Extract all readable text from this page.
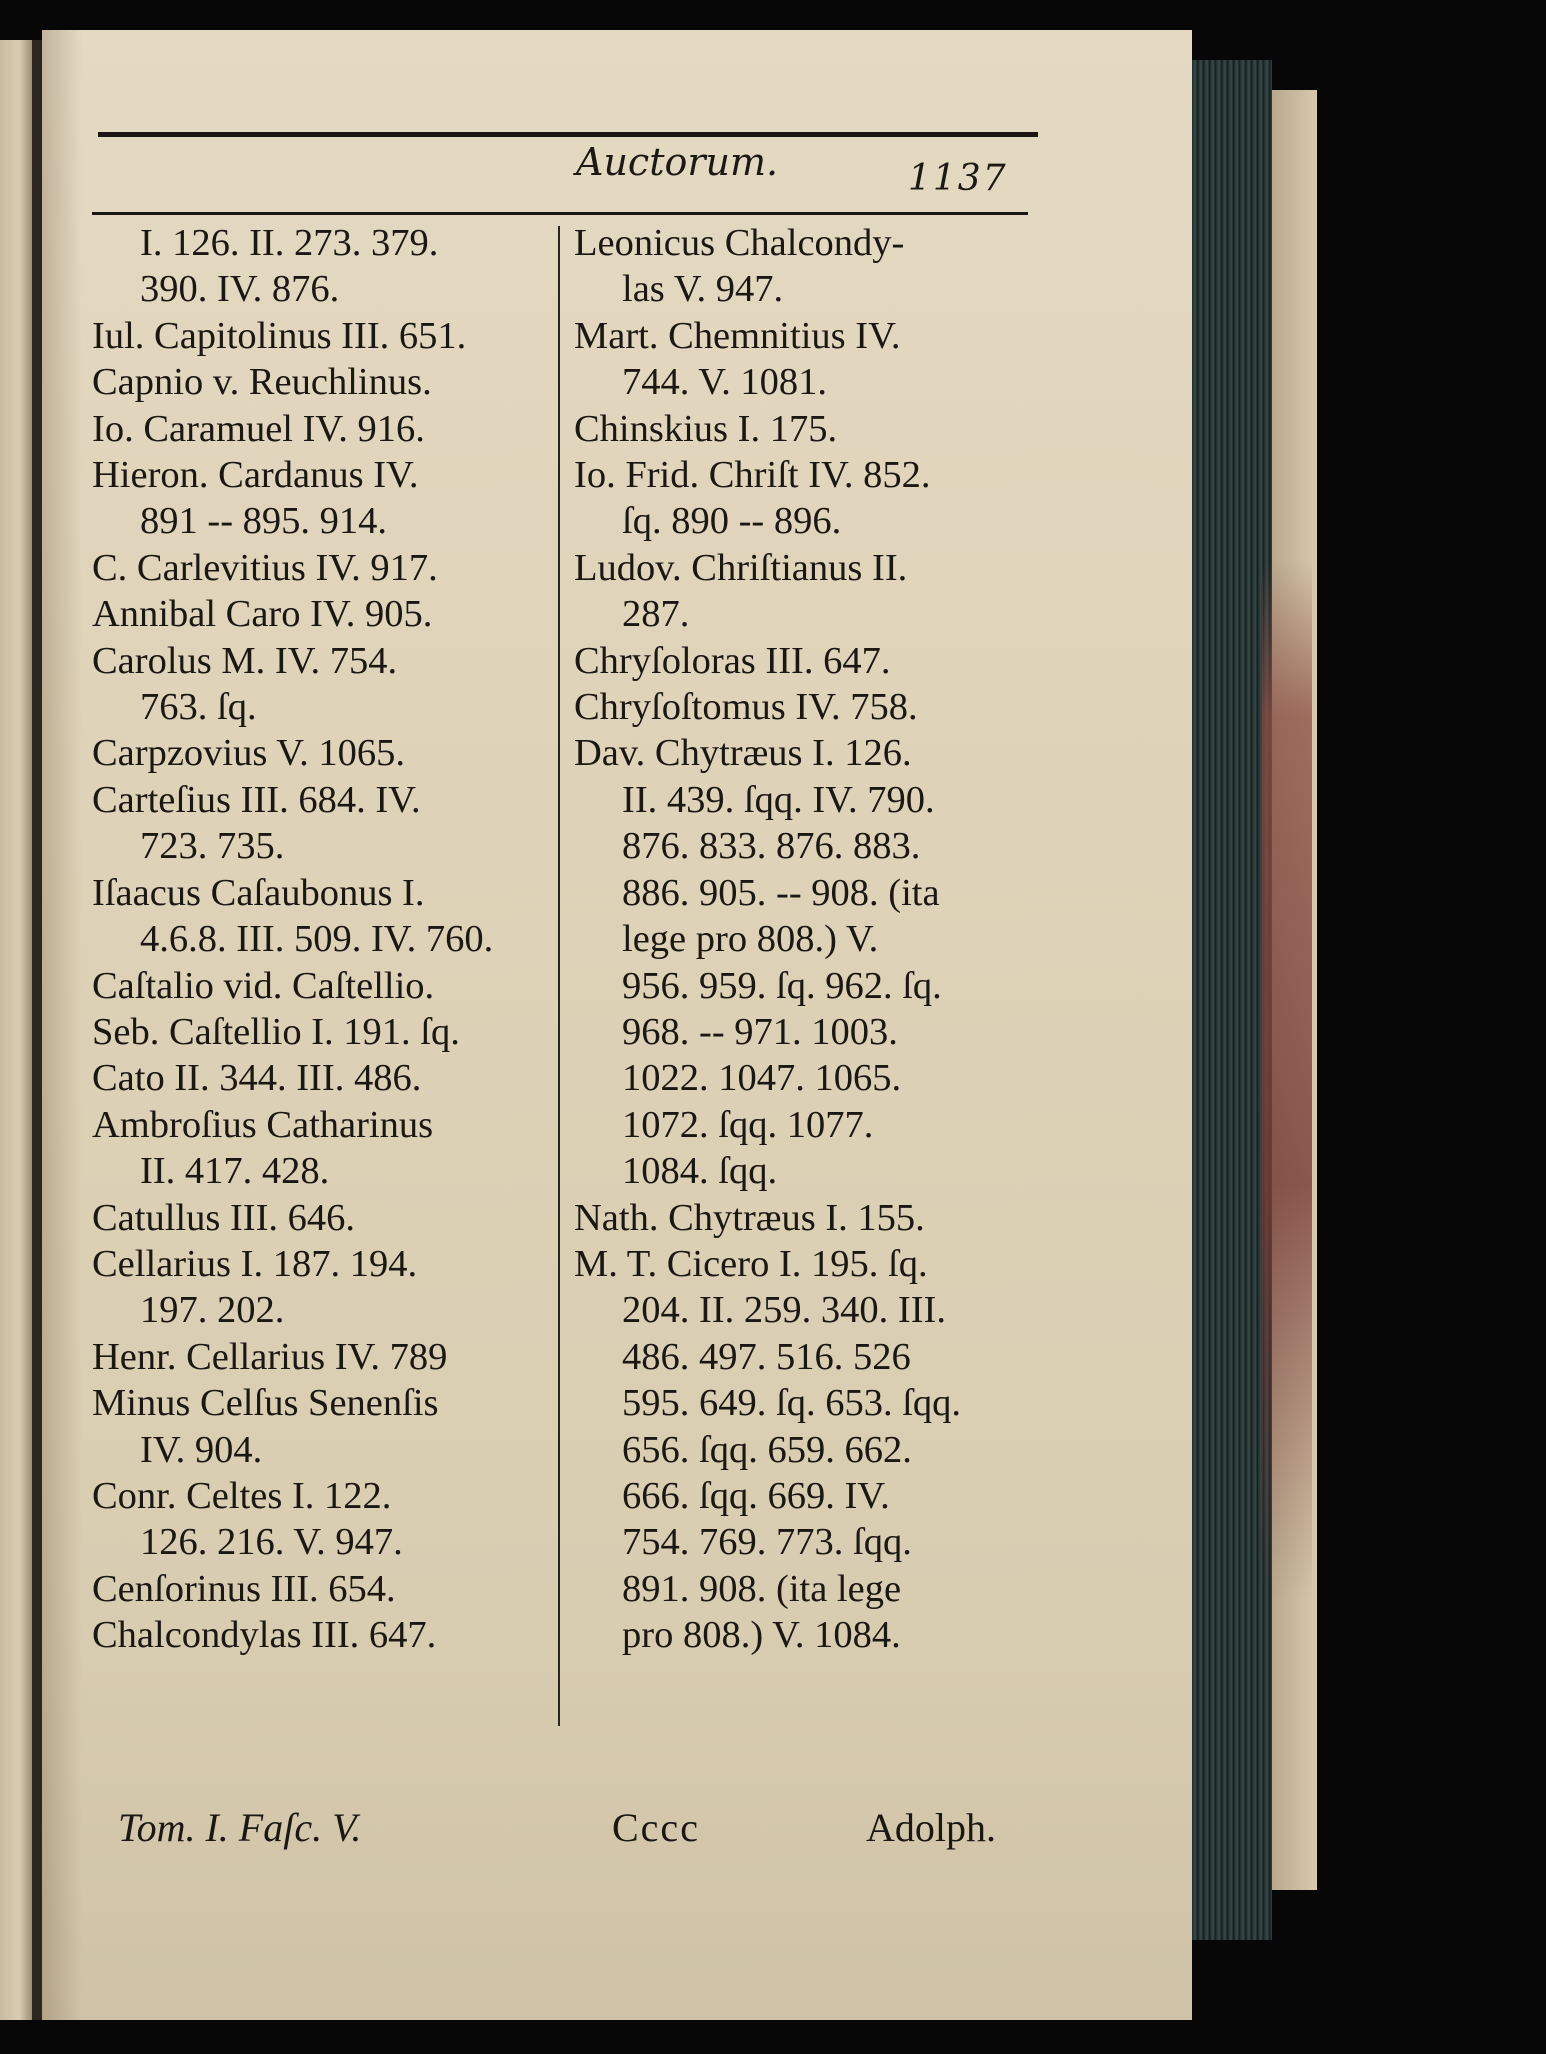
Auctorum.	1137
I. 126. II. 273. 379.
390. IV. 876.
Iul. Capitolinus III. 651.
Capnio v. Reuchlinus.
Io. Caramuel IV. 916.
Hieron. Cardanus IV.
891 -- 895. 914.
C. Carlevitius IV. 917.
Annibal Caro IV. 905.
Carolus M. IV. 754.
763. ſq.
Carpzovius V. 1065.
Carteſius III. 684. IV.
723. 735.
Iſaacus Caſaubonus I.
4.6.8. III. 509. IV. 760.
Caſtalio vid. Caſtellio.
Seb. Caſtellio I. 191. ſq.
Cato II. 344. III. 486.
Ambroſius Catharinus
II. 417. 428.
Catullus III. 646.
Cellarius I. 187. 194.
197. 202.
Henr. Cellarius IV. 789
Minus Celſus Senenſis
IV. 904.
Conr. Celtes I. 122.
126. 216. V. 947.
Cenſorinus III. 654.
Chalcondylas III. 647.
Leonicus Chalcondy-
las V. 947.
Mart. Chemnitius IV.
744. V. 1081.
Chinskius I. 175.
Io. Frid. Chriſt IV. 852.
ſq. 890 -- 896.
Ludov. Chriſtianus II.
287.
Chryſoloras III. 647.
Chryſoſtomus IV. 758.
Dav. Chytræus I. 126.
II. 439. ſqq. IV. 790.
876. 833. 876. 883.
886. 905. -- 908. (ita
lege pro 808.) V.
956. 959. ſq. 962. ſq.
968. -- 971. 1003.
1022. 1047. 1065.
1072. ſqq. 1077.
1084. ſqq.
Nath. Chytræus I. 155.
M. T. Cicero I. 195. ſq.
204. II. 259. 340. III.
486. 497. 516. 526
595. 649. ſq. 653. ſqq.
656. ſqq. 659. 662.
666. ſqq. 669. IV.
754. 769. 773. ſqq.
891. 908. (ita lege
pro 808.) V. 1084.
Tom. I. Faſc. V.	Cccc	Adolph.
